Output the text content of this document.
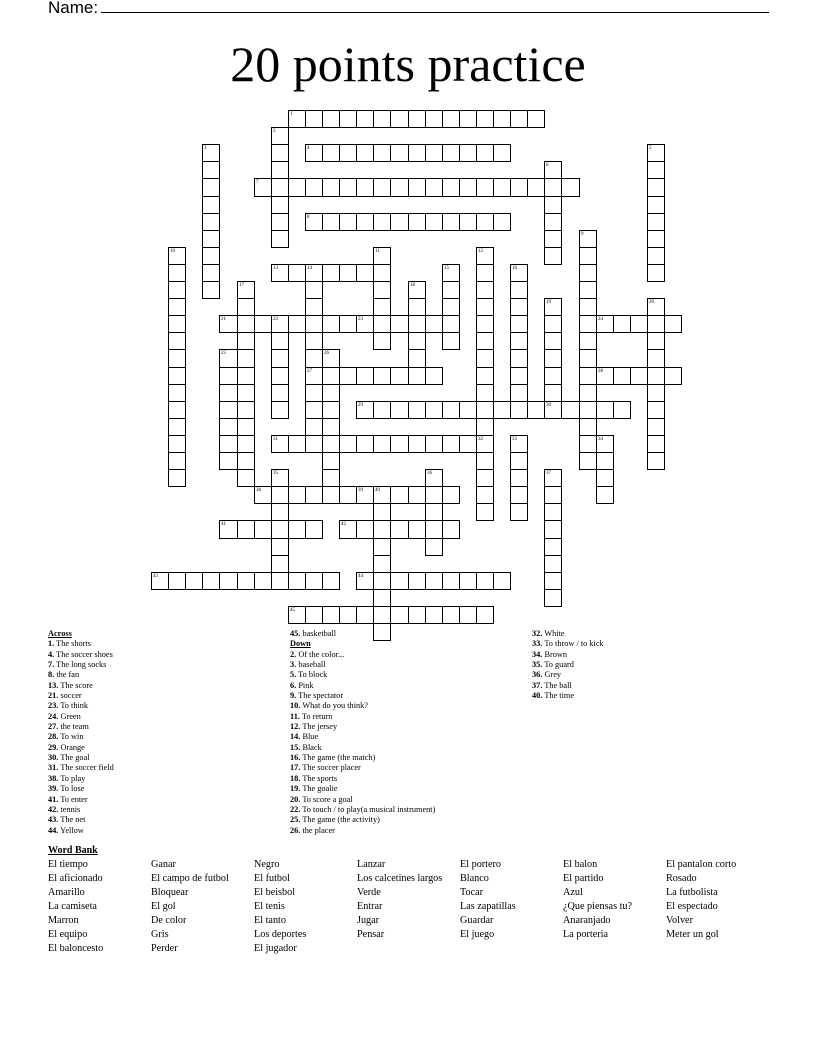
Name:
20 points practice
1
2
3	4	5
6
7
8
9
10	11	12
13	14	15	16
17	18
19	20
21	22	23	24
25	26
27	28
29	30
31	32	33	34
35	36	37
38	39 40
41	42
43	44
45
Across
1. The shorts
4. The soccer shoes
7. The long socks
8. the fan
13. The score
21. soccer
23. To think
24. Green
27. the team
28. To win
29. Orange
30. The goal
31. The soccer field
38. To play
39. To lose
41. To enter
42. tennis
43. The net
44. Yellow
45. basketball
Down
2. Of the color...
3. baseball
5. To block
6. Pink
9. The spectator
10. What do you think?
11. To return
12. The jersey
14. Blue
15. Black
16. The game (the match)
17. The soccer placer
18. The sports
19. The goalie
20. To score a goal
22. To touch / to play(a musical instrument)
25. The game (the activity)
26. the placer
32. White
33. To throw / to kick
34. Brown
35. To guard
36. Grey
37. The ball
40. The time
Word Bank
El tiempo
El aficionado
Amarillo
La camiseta
Marron
El equipo
El baloncesto
Ganar
El campo de futbol
Bloquear
El gol
De color
Gris
Perder
Negro
El futbol
El beisbol
El tenis
El tanto
Los deportes
El jugador
Lanzar
Los calcetines largos
Verde
Entrar
Jugar
Pensar
El portero
Blanco
Tocar
Las zapatillas
Guardar
El juego
El balon
El partido
Azul
¿Que piensas tu?
Anaranjado
La porteria
El pantalon corto
Rosado
La futbolista
El espectado
Volver
Meter un gol
